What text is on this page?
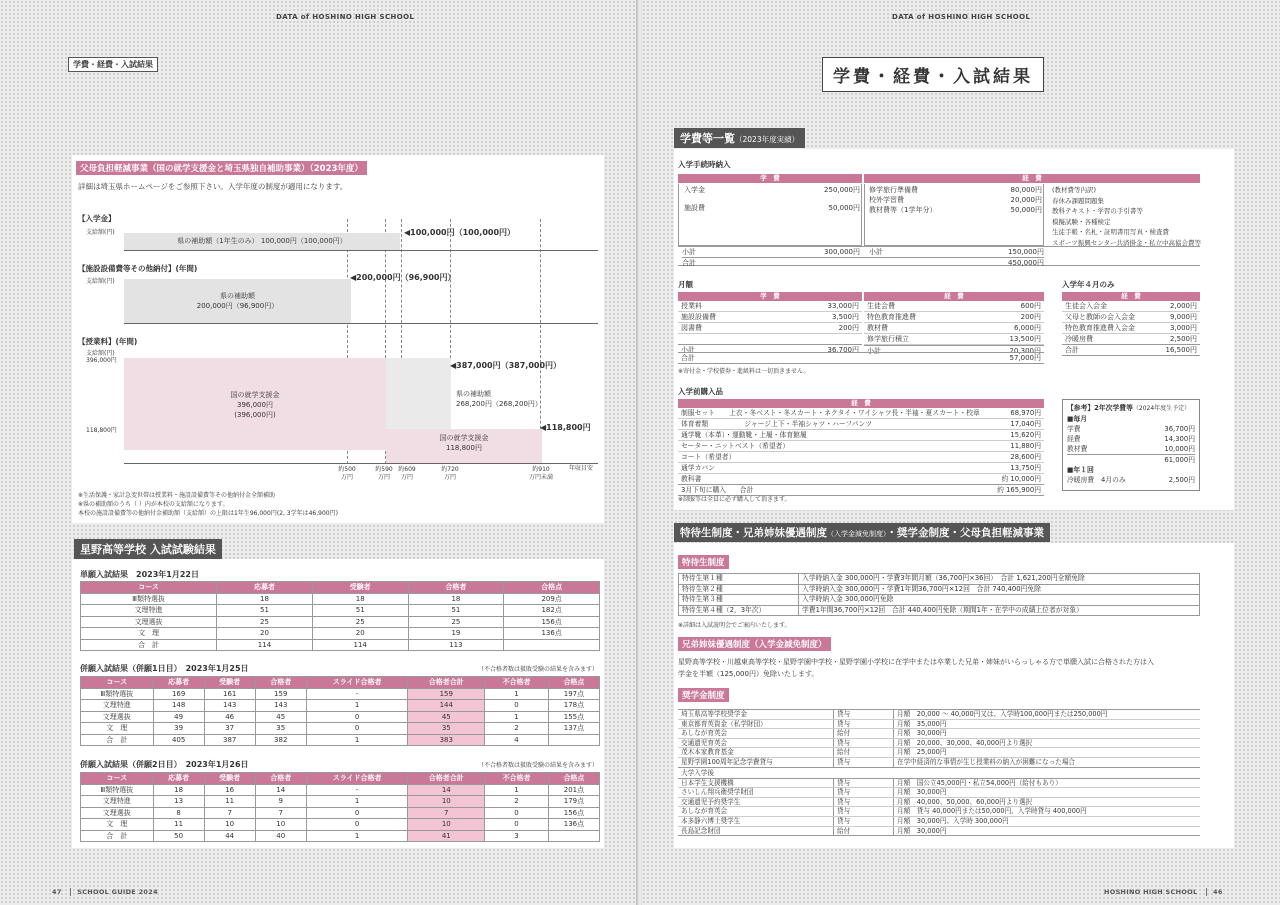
DATA of HOSHINO HIGH SCHOOL
学費・経費・入試結果
父母負担軽減事業（国の就学支援金と埼玉県独自補助事業）（2023年度）
詳細は埼玉県ホームページをご参照下さい。入学年度の制度が適用になります。
【入学金】
支給額(円)
県の補助額（1年生のみ） 100,000円（100,000円）
◀100,000円（100,000円）
【施設設備費等その他納付】(年間)
支給額(円)
県の補助額
200,000円（96,900円）
◀200,000円（96,900円）
【授業料】(年間)
支給額(円)
396,000円
118,800円
国の就学支援金
396,000円
(396,000円)
国の就学支援金
118,800円
◀387,000円（387,000円）
県の補助額
268,200円（268,200円）
◀118,800円
約500
万円
約590
万円
約609
万円
約720
万円
約910
万円未満
年収目安
※生活保護・家計急変世帯は授業料・施設設備費等その他納付金全額補助
※県の補助額のうち（ ）内が本校の支給額になります。
本校の施設設備費等の他納付金補助額（支給額）の上限は1年生96,000円(2, 3学年は46,900円)
星野高等学校 入試試験結果
単願入試結果　2023年1月22日
コース	応募者	受験者	合格者	合格点
Ⅲ類特選抜	18	18	18	209点
文理特進	51	51	51	182点
文理選抜	25	25	25	156点
文　理	20	20	19	136点
合　計	114	114	113	
併願入試結果（併願1日目）　2023年1月25日	（不合格者数は扱敗受験の結果を含みます）
コース	応募者	受験者	合格者	スライド合格者	合格者合計	不合格者	合格点
Ⅲ類特選抜	169	161	159	-	159	1	197点
文理特進	148	143	143	1	144	0	178点
文理選抜	49	46	45	0	45	1	155点
文　理	39	37	35	0	35	2	137点
合　計	405	387	382	1	383	4	
併願入試結果（併願2日目）　2023年1月26日	（不合格者数は扱敗受験の結果を含みます）
コース	応募者	受験者	合格者	スライド合格者	合格者合計	不合格者	合格点
Ⅲ類特選抜	18	16	14	-	14	1	201点
文理特進	13	11	9	1	10	2	179点
文理選抜	8	7	7	0	7	0	156点
文　理	11	10	10	0	10	0	136点
合　計	50	44	40	1	41	3	
47 SCHOOL GUIDE 2024
DATA of HOSHINO HIGH SCHOOL
学費・経費・入試結果
学費等一覧（2023年度実績）
入学手続時納入
学　費	経　費
入学金	250,000円
施設費	50,000円
修学旅行準備費	80,000円
校外学習費	20,000円
教材費等（1学年分）	50,000円
(教材費等内訳)
春休み課題問題集
教科テキスト・学習の手引書等
模擬試験・各種検定
生徒手帳・名札・証明書用写真・検査費
スポーツ振興センター共済掛金・私立中高協会費等
小計	300,000円 小計	150,000円
合計	450,000円
月額
学　費	経　費
授業料	33,000円
施設設備費	3,500円
図書費	200円
小計	36,700円
生徒会費	600円
特色教育推進費	200円
教材費	6,000円
修学旅行積立	13,500円
小計	20,300円
合計	57,000円
※寄付金・学校債券・進級料は一切頂きません。
入学年４月のみ
経　費
生徒会入会金	2,000円
父母と教師の会入会金	9,000円
特色教育推進費入会金	3,000円
冷暖房費	2,500円
合計	16,500円
入学前購入品
経　費
制服セット 上衣・冬ベスト・冬スカート・ネクタイ・ワイシャツ長・半袖・夏スカート・校章	68,970円
体育着類	ジャージ上下・半袖シャツ・ハーフパンツ	17,040円
通学靴（本革）・運動靴・上履・体育館履	15,620円
セーター・ニットベスト（希望者）	11,880円
コート（希望者）	28,600円
通学カバン	13,750円
教科書	約 10,000円
3月下旬に購入　　合計	約 165,900円
※制服等は全員に必ず購入して頂きます。
【参考】2年次学費等（2024年度生予定）
■毎月
学費	36,700円
経費	14,300円
教材費	10,000円
61,000円
■年１回
冷暖房費　4月のみ	2,500円
特待生制度・兄弟姉妹優遇制度（入学金減免制度）・奨学金制度・父母負担軽減事業
特待生制度
特待生第１種	入学時納入金 300,000円・学費3年間月額（36,700円×36回）　合計 1,621,200円全額免除
特待生第２種	入学時納入金 300,000円・学費1年間36,700円×12回　合計 740,400円免除
特待生第３種	入学時納入金 300,000円免除
特待生第４種（2，3年次）	学費1年間36,700円×12回　合計 440,400円免除（期間1年・在学中の成績上位者が対象）
※詳細は入試説明会でご案内いたします。
兄弟姉妹優遇制度（入学金減免制度）
星野高等学校・川越東高等学校・星野学園中学校・星野学園小学校に在学中または卒業した兄弟・姉妹がいらっしゃる方で単願入試に合格された方は入
学金を半額（125,000円）免除いたします。
奨学金制度
埼玉県高等学校奨学金	貸与	月額　20,000 ～ 40,000円又は、入学時100,000円または250,000円
東京都育英資金（私学財団）	貸与	月額　35,000円
あしなが育英会	給付	月額　30,000円
交通遺児育英会	貸与	月額　20,000、30,000、40,000円より選択
茂木本家教育基金	給付	月額　25,000円
星野学園100周年記念学費貸与	貸与	在学中経済的な事情が生じ授業料の納入が困難になった場合
大学入学後
日本学生支援機構	貸与	月額　国公立45,000円・私立54,000円（給付もあり）
さいしん翔兵衛奨学財団	貸与	月額　30,000円
交通遺児予約奨学生	貸与	月額　40,000、50,000、60,000円より選択
あしなが育英会	貸与	月額　貸与 40,000円または50,000円、入学時貸与 400,000円
本多静六博士奨学生	貸与	月額　30,000円、入学時 300,000円
長島記念財団	給付	月額　30,000円
HOSHINO HIGH SCHOOL 46
